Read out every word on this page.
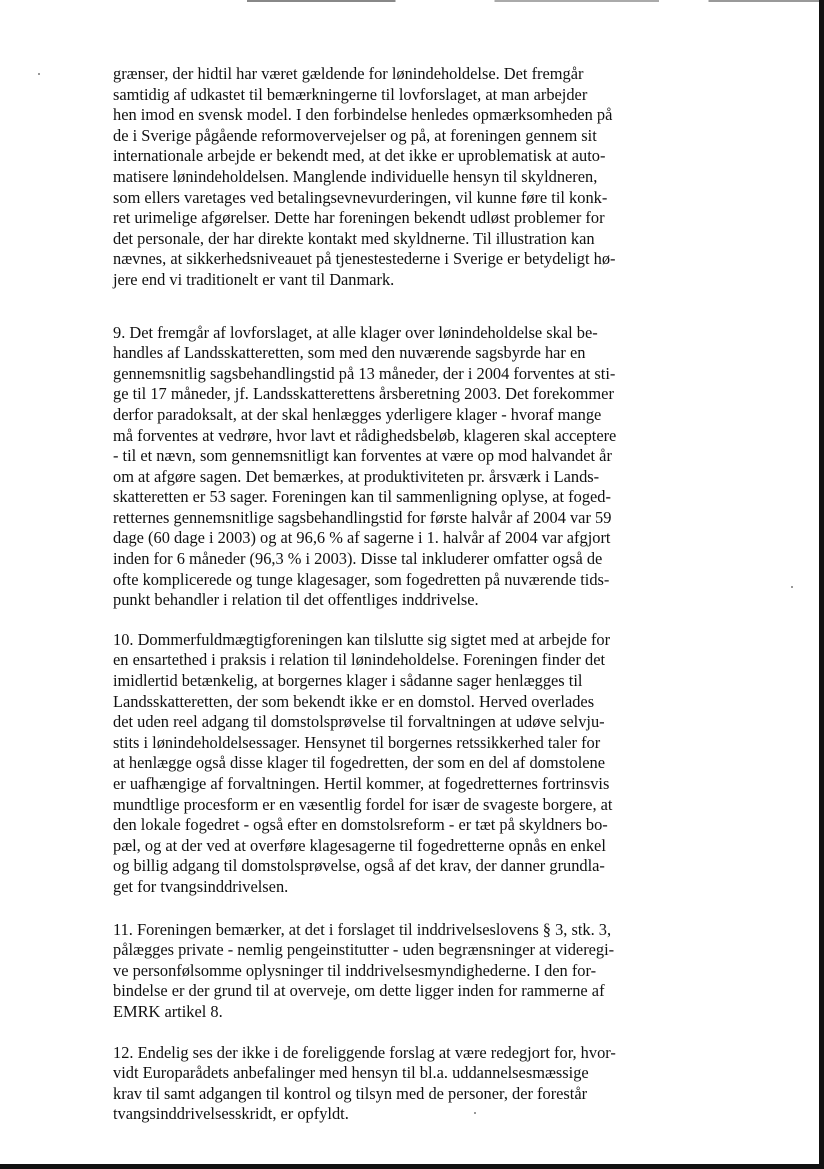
grænser, der hidtil har været gældende for lønindeholdelse. Det fremgår
samtidig af udkastet til bemærkningerne til lovforslaget, at man arbejder
hen imod en svensk model. I den forbindelse henledes opmærksomheden på
de i Sverige pågående reformovervejelser og på, at foreningen gennem sit
internationale arbejde er bekendt med, at det ikke er uproblematisk at auto-
matisere lønindeholdelsen. Manglende individuelle hensyn til skyldneren,
som ellers varetages ved betalingsevnevurderingen, vil kunne føre til konk-
ret urimelige afgørelser. Dette har foreningen bekendt udløst problemer for
det personale, der har direkte kontakt med skyldnerne. Til illustration kan
nævnes, at sikkerhedsniveauet på tjenestestederne i Sverige er betydeligt hø-
jere end vi traditionelt er vant til Danmark.

9. Det fremgår af lovforslaget, at alle klager over lønindeholdelse skal be-
handles af Landsskatteretten, som med den nuværende sagsbyrde har en
gennemsnitlig sagsbehandlingstid på 13 måneder, der i 2004 forventes at sti-
ge til 17 måneder, jf. Landsskatterettens årsberetning 2003. Det forekommer
derfor paradoksalt, at der skal henlægges yderligere klager - hvoraf mange
må forventes at vedrøre, hvor lavt et rådighedsbeløb, klageren skal acceptere
- til et nævn, som gennemsnitligt kan forventes at være op mod halvandet år
om at afgøre sagen. Det bemærkes, at produktiviteten pr. årsværk i Lands-
skatteretten er 53 sager. Foreningen kan til sammenligning oplyse, at foged-
retternes gennemsnitlige sagsbehandlingstid for første halvår af 2004 var 59
dage (60 dage i 2003) og at 96,6 % af sagerne i 1. halvår af 2004 var afgjort
inden for 6 måneder (96,3 % i 2003). Disse tal inkluderer omfatter også de
ofte komplicerede og tunge klagesager, som fogedretten på nuværende tids-
punkt behandler i relation til det offentliges inddrivelse.

10. Dommerfuldmægtigforeningen kan tilslutte sig sigtet med at arbejde for
en ensartethed i praksis i relation til lønindeholdelse. Foreningen finder det
imidlertid betænkelig, at borgernes klager i sådanne sager henlægges til
Landsskatteretten, der som bekendt ikke er en domstol. Herved overlades
det uden reel adgang til domstolsprøvelse til forvaltningen at udøve selvju-
stits i lønindeholdelsessager. Hensynet til borgernes retssikkerhed taler for
at henlægge også disse klager til fogedretten, der som en del af domstolene
er uafhængige af forvaltningen. Hertil kommer, at fogedretternes fortrinsvis
mundtlige procesform er en væsentlig fordel for især de svageste borgere, at
den lokale fogedret - også efter en domstolsreform - er tæt på skyldners bo-
pæl, og at der ved at overføre klagesagerne til fogedretterne opnås en enkel
og billig adgang til domstolsprøvelse, også af det krav, der danner grundla-
get for tvangsinddrivelsen.

11. Foreningen bemærker, at det i forslaget til inddrivelseslovens § 3, stk. 3,
pålægges private - nemlig pengeinstitutter - uden begrænsninger at videregi-
ve personfølsomme oplysninger til inddrivelsesmyndighederne. I den for-
bindelse er der grund til at overveje, om dette ligger inden for rammerne af
EMRK artikel 8.

12. Endelig ses der ikke i de foreliggende forslag at være redegjort for, hvor-
vidt Europarådets anbefalinger med hensyn til bl.a. uddannelsesmæssige
krav til samt adgangen til kontrol og tilsyn med de personer, der forestår
tvangsinddrivelsesskridt, er opfyldt.
